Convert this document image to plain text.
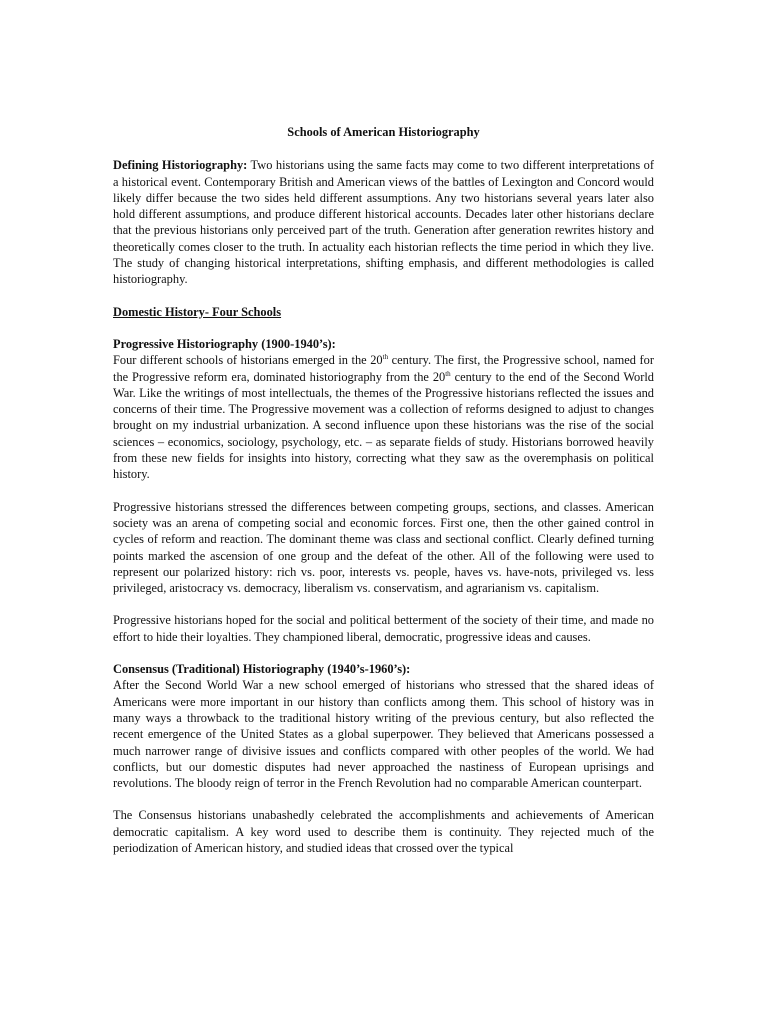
Schools of American Historiography

Defining Historiography: Two historians using the same facts may come to two different interpretations of a historical event. Contemporary British and American views of the battles of Lexington and Concord would likely differ because the two sides held different assumptions. Any two historians several years later also hold different assumptions, and produce different historical accounts. Decades later other historians declare that the previous historians only perceived part of the truth. Generation after generation rewrites history and theoretically comes closer to the truth. In actuality each historian reflects the time period in which they live. The study of changing historical interpretations, shifting emphasis, and different methodologies is called historiography.

Domestic History- Four Schools

Progressive Historiography (1900-1940’s):

Four different schools of historians emerged in the 20th century. The first, the Progressive school, named for the Progressive reform era, dominated historiography from the 20th century to the end of the Second World War. Like the writings of most intellectuals, the themes of the Progressive historians reflected the issues and concerns of their time. The Progressive movement was a collection of reforms designed to adjust to changes brought on my industrial urbanization. A second influence upon these historians was the rise of the social sciences – economics, sociology, psychology, etc. – as separate fields of study. Historians borrowed heavily from these new fields for insights into history, correcting what they saw as the overemphasis on political history.

Progressive historians stressed the differences between competing groups, sections, and classes. American society was an arena of competing social and economic forces. First one, then the other gained control in cycles of reform and reaction. The dominant theme was class and sectional conflict. Clearly defined turning points marked the ascension of one group and the defeat of the other. All of the following were used to represent our polarized history: rich vs. poor, interests vs. people, haves vs. have-nots, privileged vs. less privileged, aristocracy vs. democracy, liberalism vs. conservatism, and agrarianism vs. capitalism.

Progressive historians hoped for the social and political betterment of the society of their time, and made no effort to hide their loyalties. They championed liberal, democratic, progressive ideas and causes.

Consensus (Traditional) Historiography (1940’s-1960’s):

After the Second World War a new school emerged of historians who stressed that the shared ideas of Americans were more important in our history than conflicts among them. This school of history was in many ways a throwback to the traditional history writing of the previous century, but also reflected the recent emergence of the United States as a global superpower. They believed that Americans possessed a much narrower range of divisive issues and conflicts compared with other peoples of the world. We had conflicts, but our domestic disputes had never approached the nastiness of European uprisings and revolutions. The bloody reign of terror in the French Revolution had no comparable American counterpart.

The Consensus historians unabashedly celebrated the accomplishments and achievements of American democratic capitalism. A key word used to describe them is continuity. They rejected much of the periodization of American history, and studied ideas that crossed over the typical
